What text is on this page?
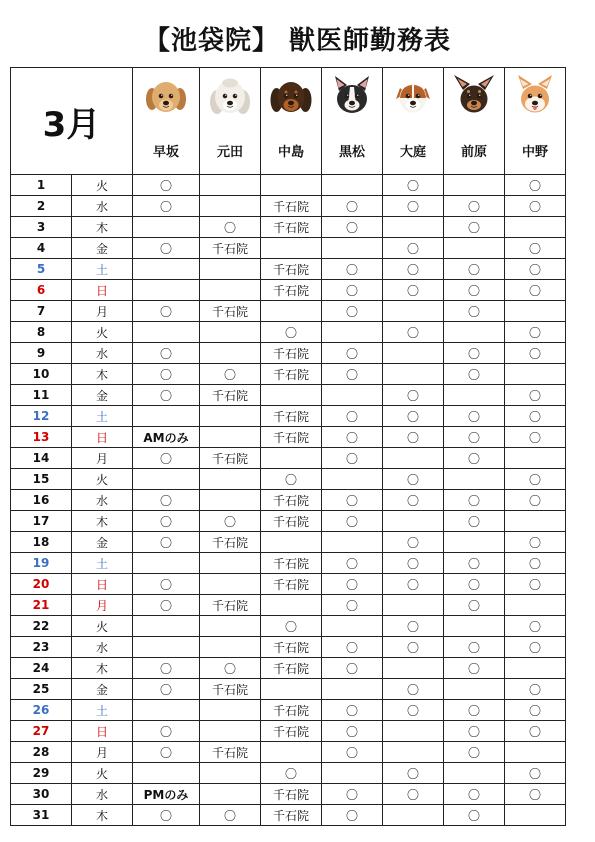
【池袋院】 獣医師勤務表
3月		早坂	元田	中島	黒松	大庭	前原	中野

1	火	〇				〇		〇
2	水	〇		千石院	〇	〇	〇	〇
3	木		〇	千石院	〇		〇	
4	金	〇	千石院			〇		〇
5	土			千石院	〇	〇	〇	〇
6	日			千石院	〇	〇	〇	〇
7	月	〇	千石院		〇		〇	
8	火			〇		〇		〇
9	水	〇		千石院	〇		〇	〇
10	木	〇	〇	千石院	〇		〇	
11	金	〇	千石院			〇		〇
12	土			千石院	〇	〇	〇	〇
13	日	AMのみ		千石院	〇	〇	〇	〇
14	月	〇	千石院		〇		〇	
15	火			〇		〇		〇
16	水	〇		千石院	〇	〇	〇	〇
17	木	〇	〇	千石院	〇		〇	
18	金	〇	千石院			〇		〇
19	土			千石院	〇	〇	〇	〇
20	日	〇		千石院	〇	〇	〇	〇
21	月	〇	千石院		〇		〇	
22	火			〇		〇		〇
23	水			千石院	〇	〇	〇	〇
24	木	〇	〇	千石院	〇		〇	
25	金	〇	千石院			〇		〇
26	土			千石院	〇	〇	〇	〇
27	日	〇		千石院	〇		〇	〇
28	月	〇	千石院		〇		〇	
29	火			〇		〇		〇
30	水	PMのみ		千石院	〇	〇	〇	〇
31	木	〇	〇	千石院	〇		〇	
